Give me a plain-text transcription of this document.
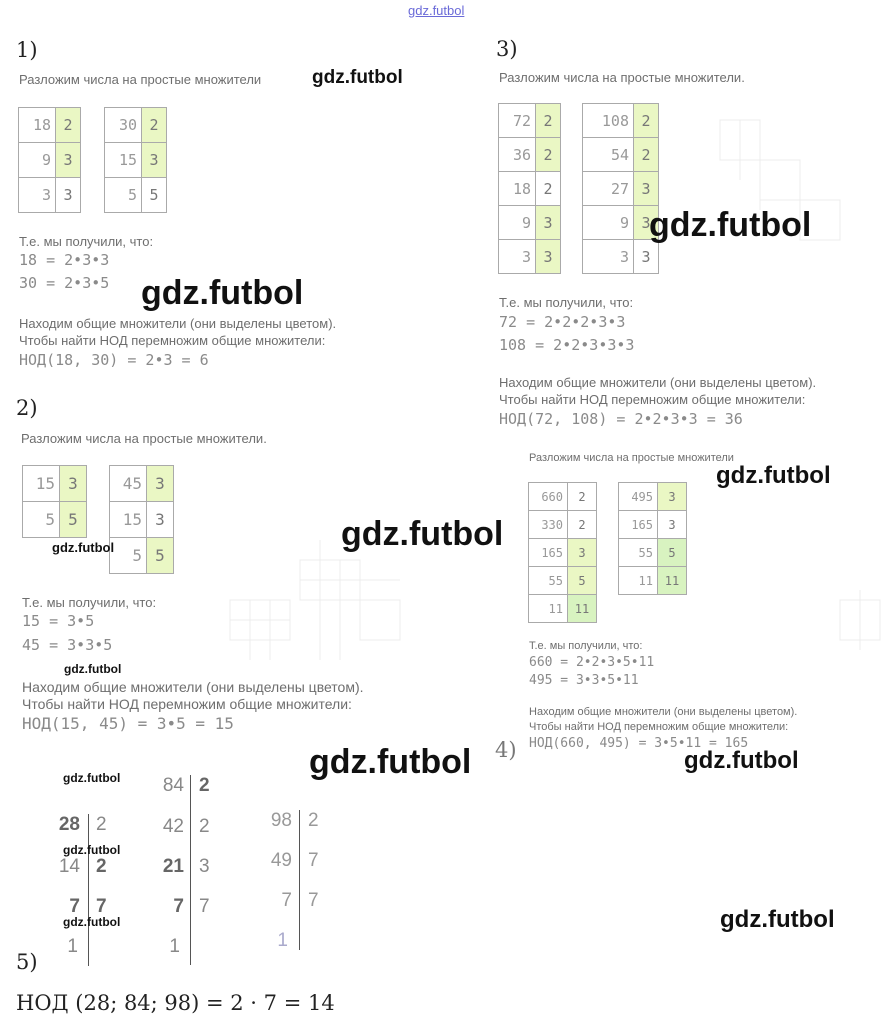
gdz.futbol
1)
Разложим числа на простые множители	gdz.futbol
18	2
9	3
3	3
30	2
15	3
5	5
Т.е. мы получили, что:
18 = 2•3•3
30 = 2•3•5 gdz.futbol
Находим общие множители (они выделены цветом).
Чтобы найти НОД перемножим общие множители:
НОД(18, 30) = 2•3 = 6
2)
Разложим числа на простые множители.
15	3
5	5
45	3
15	3
5	5
gdz.futbol	gdz.futbol
Т.е. мы получили, что:
15 = 3•5
45 = 3•3•5
gdz.futbol
Находим общие множители (они выделены цветом).
Чтобы найти НОД перемножим общие множители:
НОД(15, 45) = 3•5 = 15
gdz.futbol
3)
Разложим числа на простые множители.
72	2
36	2
18	2
9	3
3	3
108	2
54	2
27	3
9	3
3	3
gdz.futbol
Т.е. мы получили, что:
72 = 2•2•2•3•3
108 = 2•2•3•3•3
Находим общие множители (они выделены цветом).
Чтобы найти НОД перемножим общие множители:
НОД(72, 108) = 2•2•3•3 = 36
Разложим числа на простые множители
gdz.futbol
660	2
330	2
165	3
55	5
11	11
495	3
165	3
55	5
11	11
Т.е. мы получили, что:
660 = 2•2•3•5•11
495 = 3•3•5•11
Находим общие множители (они выделены цветом).
Чтобы найти НОД перемножим общие множители:
НОД(660, 495) = 3•5•11 = 165
4)	gdz.futbol
gdz.futbol
28 2
14 2
7 7
1
gdz.futbol
gdz.futbol
84 2
42 2
21 3
7 7
1
98 2
49 7
7 7
1
gdz.futbol
5)
НОД (28; 84; 98) = 2 · 7 = 14
